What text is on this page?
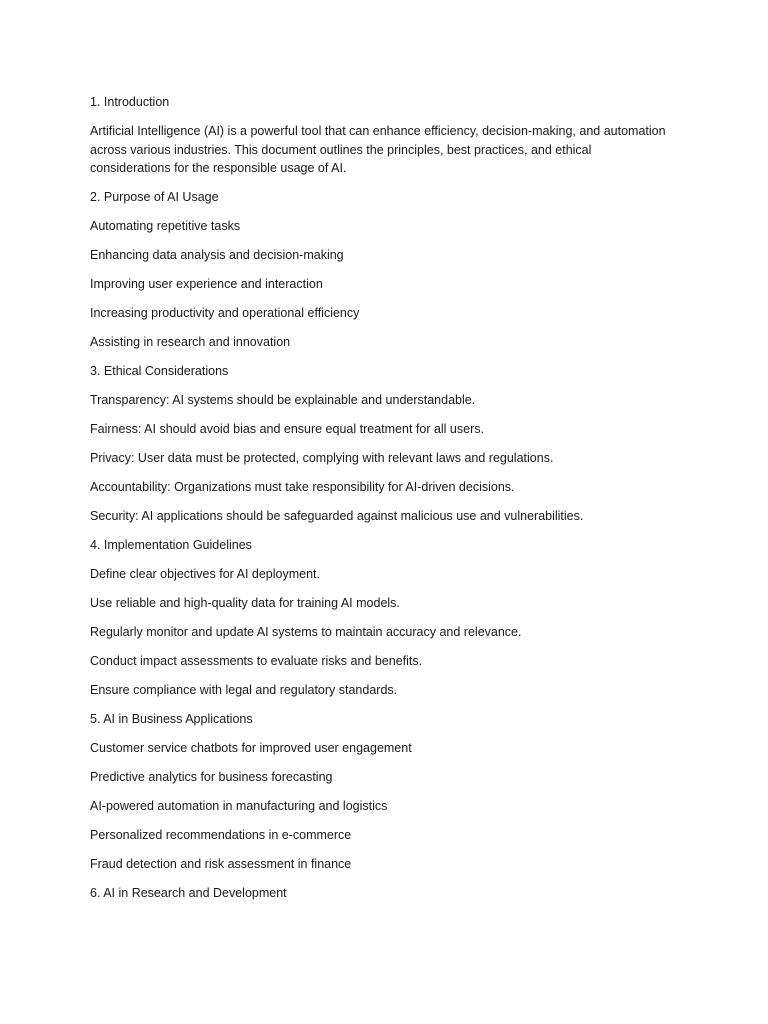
1. Introduction

Artificial Intelligence (AI) is a powerful tool that can enhance efficiency, decision-making, and automation
across various industries. This document outlines the principles, best practices, and ethical
considerations for the responsible usage of AI.

2. Purpose of AI Usage

Automating repetitive tasks

Enhancing data analysis and decision-making

Improving user experience and interaction

Increasing productivity and operational efficiency

Assisting in research and innovation

3. Ethical Considerations

Transparency: AI systems should be explainable and understandable.

Fairness: AI should avoid bias and ensure equal treatment for all users.

Privacy: User data must be protected, complying with relevant laws and regulations.

Accountability: Organizations must take responsibility for AI-driven decisions.

Security: AI applications should be safeguarded against malicious use and vulnerabilities.

4. Implementation Guidelines

Define clear objectives for AI deployment.

Use reliable and high-quality data for training AI models.

Regularly monitor and update AI systems to maintain accuracy and relevance.

Conduct impact assessments to evaluate risks and benefits.

Ensure compliance with legal and regulatory standards.

5. AI in Business Applications

Customer service chatbots for improved user engagement

Predictive analytics for business forecasting

AI-powered automation in manufacturing and logistics

Personalized recommendations in e-commerce

Fraud detection and risk assessment in finance

6. AI in Research and Development
